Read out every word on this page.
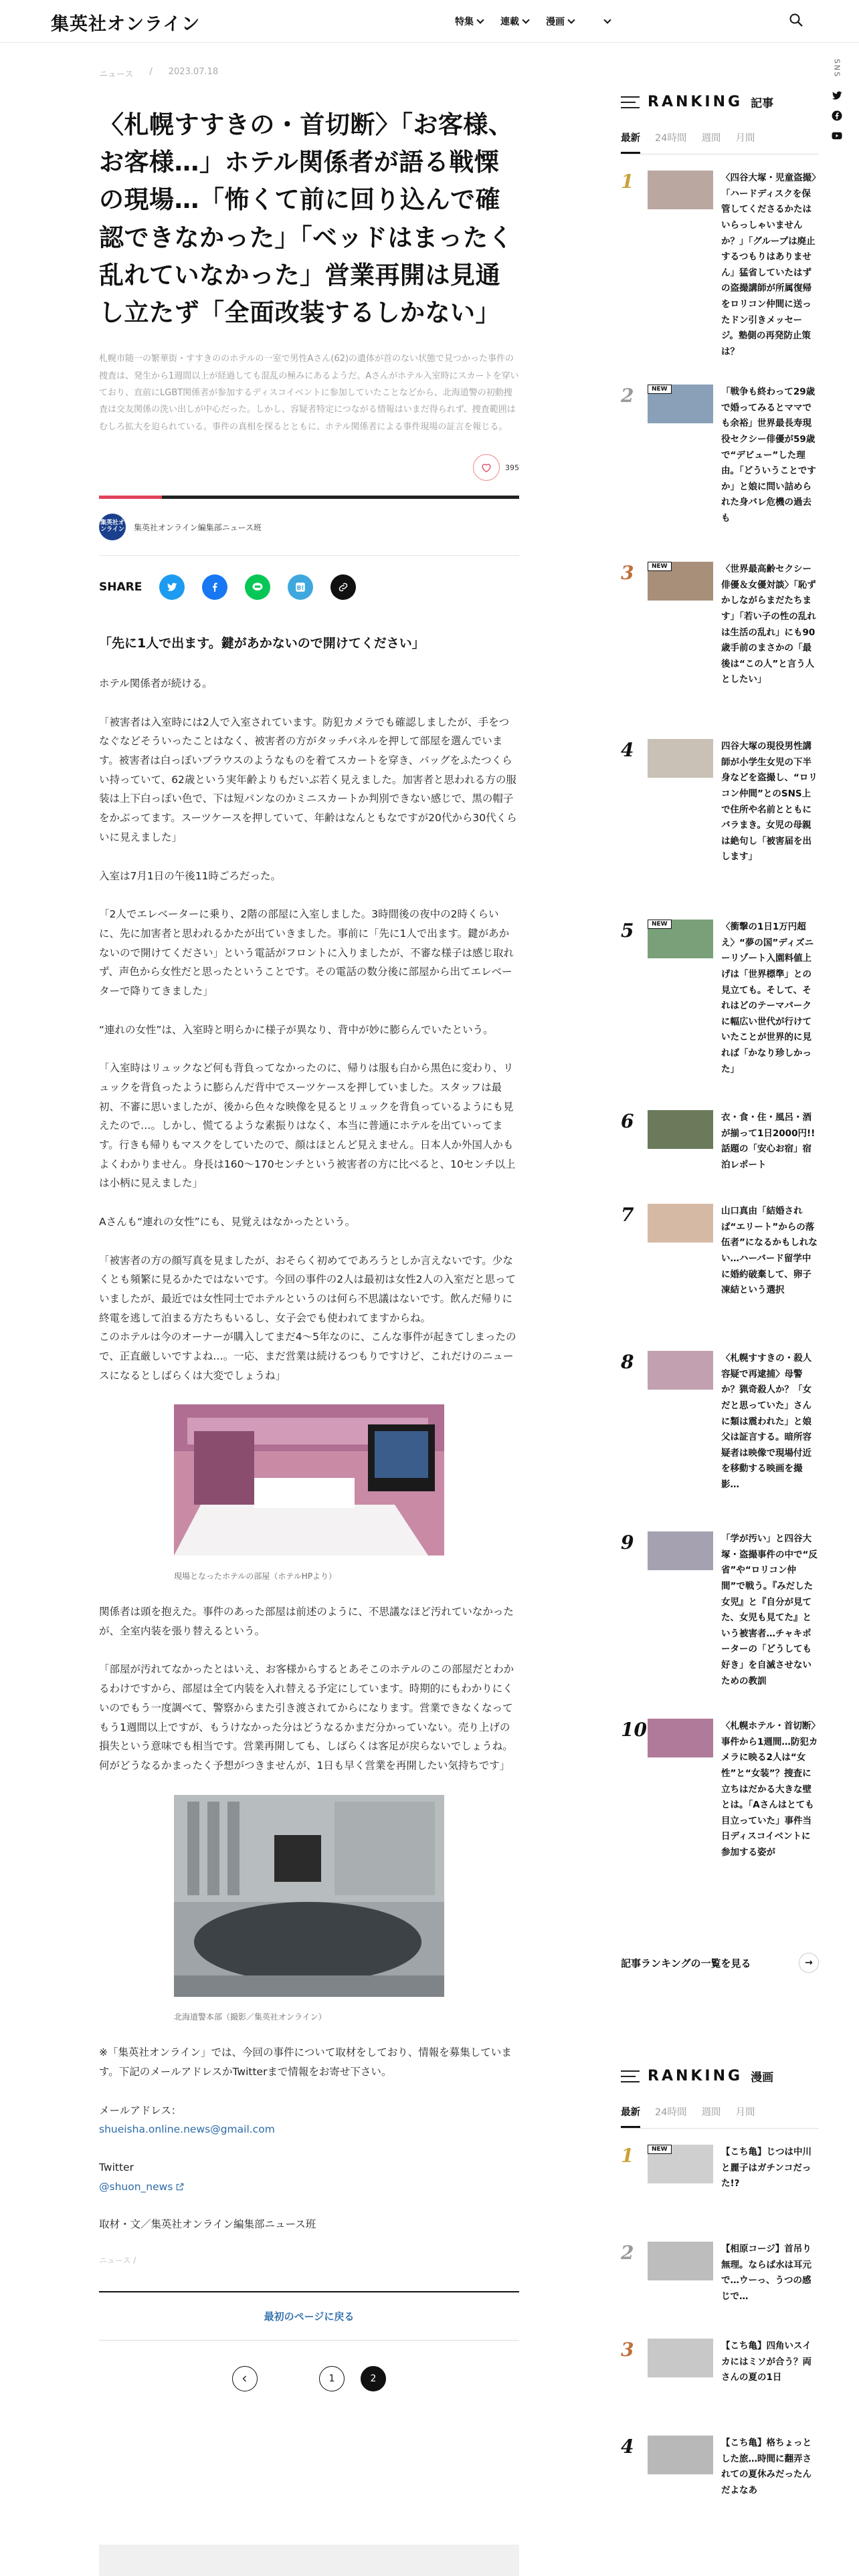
集英社オンライン	特集	連載	漫画
SNS
ニュース / 2023.07.18
〈札幌すすきの・首切断〉「お客様、お客様…」ホテル関係者が語る戦慄の現場…「怖くて前に回り込んで確認できなかった」「ベッドはまったく乱れていなかった」営業再開は見通し立たず「全面改装するしかない」

札幌市随一の繁華街・すすきののホテルの一室で男性Aさん(62)の遺体が首のない状態で見つかった事件の捜査は、発生から1週間以上が経過しても混乱の極みにあるようだ。Aさんがホテル入室時にスカートを穿いており、直前にLGBT関係者が参加するディスコイベントに参加していたことなどから、北海道警の初動捜査は交友関係の洗い出しが中心だった。しかし、容疑者特定につながる情報はいまだ得られず、捜査範囲はむしろ拡大を迫られている。事件の真相を探るとともに、ホテル関係者による事件現場の証言を報じる。

395
集英社オンライン 集英社オンライン編集部ニュース班
SHARE	B!
「先に1人で出ます。鍵があかないので開けてください」

ホテル関係者が続ける。

「被害者は入室時には2人で入室されています。防犯カメラでも確認しましたが、手をつなぐなどそういったことはなく、被害者の方がタッチパネルを押して部屋を選んでいます。被害者は白っぽいブラウスのようなものを着てスカートを穿き、バッグをふたつくらい持っていて、62歳という実年齢よりもだいぶ若く見えました。加害者と思われる方の服装は上下白っぽい色で、下は短パンなのかミニスカートか判別できない感じで、黒の帽子をかぶってます。スーツケースを押していて、年齢はなんともなですが20代から30代くらいに見えました」

入室は7月1日の午後11時ごろだった。

「2人でエレベーターに乗り、2階の部屋に入室しました。3時間後の夜中の2時くらいに、先に加害者と思われるかたが出ていきました。事前に「先に1人で出ます。鍵があかないので開けてください」という電話がフロントに入りましたが、不審な様子は感じ取れず、声色から女性だと思ったということです。その電話の数分後に部屋から出てエレベーターで降りてきました」

“連れの女性”は、入室時と明らかに様子が異なり、背中が妙に膨らんでいたという。

「入室時はリュックなど何も背負ってなかったのに、帰りは服も白から黒色に変わり、リュックを背負ったように膨らんだ背中でスーツケースを押していました。スタッフは最初、不審に思いましたが、後から色々な映像を見るとリュックを背負っているようにも見えたので…。しかし、慌てるような素振りはなく、本当に普通にホテルを出ていってます。行きも帰りもマスクをしていたので、顔はほとんど見えません。日本人か外国人かもよくわかりません。身長は160〜170センチという被害者の方に比べると、10センチ以上は小柄に見えました」

Aさんも“連れの女性”にも、見覚えはなかったという。

「被害者の方の顔写真を見ましたが、おそらく初めてであろうとしか言えないです。少なくとも頻繁に見るかたではないです。今回の事件の2人は最初は女性2人の入室だと思っていましたが、最近では女性同士でホテルというのは何ら不思議はないです。飲んだ帰りに終電を逃して泊まる方たちもいるし、女子会でも使われてますからね。
このホテルは今のオーナーが購入してまだ4〜5年なのに、こんな事件が起きてしまったので、正直厳しいですよね…。一応、まだ営業は続けるつもりですけど、これだけのニュースになるとしばらくは大変でしょうね」

現場となったホテルの部屋（ホテルHPより）

関係者は頭を抱えた。事件のあった部屋は前述のように、不思議なほど汚れていなかったが、全室内装を張り替えるという。

「部屋が汚れてなかったとはいえ、お客様からするとあそこのホテルのこの部屋だとわかるわけですから、部屋は全て内装を入れ替える予定にしています。時期的にもわかりにくいのでもう一度調べて、警察からまた引き渡されてからになります。営業できなくなってもう1週間以上ですが、もうけなかった分はどうなるかまだ分かっていない。売り上げの損失という意味でも相当です。営業再開しても、しばらくは客足が戻らないでしょうね。何がどうなるかまったく予想がつきませんが、1日も早く営業を再開したい気持ちです」

北海道警本部（撮影／集英社オンライン）

※「集英社オンライン」では、今回の事件について取材をしており、情報を募集しています。下記のメールアドレスかTwitterまで情報をお寄せ下さい。

メールアドレス：
shueisha.online.news@gmail.com
Twitter
@shuon_news
取材・文／集英社オンライン編集部ニュース班
ニュース /
最初のページに戻る
1	2
RANKING 記事
最新 24時間 週間 月間
1	〈四谷大塚・児童盗撮〉「ハードディスクを保管してくださるかたはいらっしゃいませんか？」「グループは廃止するつもりはありません」猛省していたはずの盗撮講師が所属復帰をロリコン仲間に送ったドン引きメッセージ。塾側の再発防止策は？
2	NEW	「戦争も終わって29歳で婚ってみるとママでも余裕」世界最長寿現役セクシー俳優が59歳で“デビュー”した理由。「どういうことですか」と娘に問い詰められた身バレ危機の過去も
3	NEW	〈世界最高齢セクシー俳優＆女優対談〉「恥ずかしながらまだたちます」「若い子の性の乱れは生活の乱れ」にも90歳手前のまさかの「最後は“この人”と言う人としたい」
4	四谷大塚の現役男性講師が小学生女児の下半身などを盗撮し、“ロリコン仲間”とのSNS上で住所や名前とともにバラまき。女児の母親は絶句し「被害届を出します」
5	NEW	〈衝撃の1日1万円超え〉“夢の国”ディズニーリゾート入園料値上げは「世界標準」との見立ても。そして、それはどのテーマパークに幅広い世代が行けていたことが世界的に見れば「かなり珍しかった」
6	衣・食・住・風呂・酒が揃って1日2000円!! 話題の「安心お宿」宿泊レポート
7	山口真由「結婚されば“エリート”からの落伍者”になるかもしれない…ハーバード留学中に婚約破棄して、卵子凍結という選択
8	〈札幌すすきの・殺人容疑で再逮捕〉母警か？猟奇殺人か？「女だと思っていた」さんに類は震われた」と娘父は証言する。暗所容疑者は映像で現場付近を移動する映画を撮影…
9	「学が汚い」と四谷大塚・盗撮事件の中で“反省”や“ロリコン仲間”で戦う。『みだした女児』と『自分が見てた、女児も見てた』という被害者…チャキポーターの「どうしても好き」を自滅させないための教訓
10	〈札幌ホテル・首切断〉事件から1週間…防犯カメラに映る2人は“女性”と“女装”？捜査に立ちはだかる大きな壁とは。「Aさんはとても目立っていた」事件当日ディスコイベントに参加する姿が
記事ランキングの一覧を見る	→
RANKING 漫画
最新 24時間 週間 月間
1	NEW	【こち亀】じつは中川と麗子はガチンコだった!?
2	【相原コージ】首吊り無理。ならば水は耳元で…ウーっ、うつの感じで…
3	【こち亀】四角いスイカにはミソが合う？両さんの夏の1日
4	【こち亀】格ちょっとした旅…時間に翻弄されての夏休みだったんだよなあ
